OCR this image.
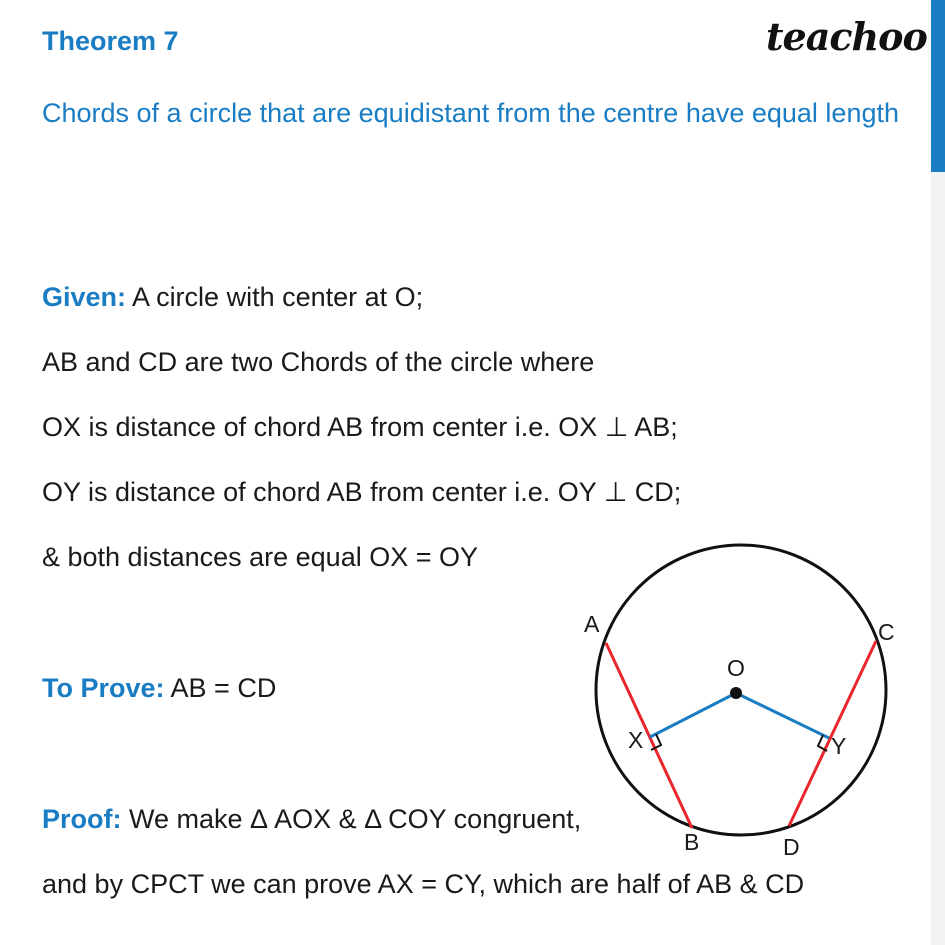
Theorem 7	teachoo

Chords of a circle that are equidistant from the centre have equal length

Given: A circle with center at O;

AB and CD are two Chords of the circle where

OX is distance of chord AB from center i.e. OX ⊥ AB;

OY is distance of chord AB from center i.e. OY ⊥ CD;

& both distances are equal OX = OY

To Prove: AB = CD

Proof: We make Δ AOX & Δ COY congruent,

and by CPCT we can prove AX = CY, which are half of AB & CD

A
B
C
D
O
X	Y
